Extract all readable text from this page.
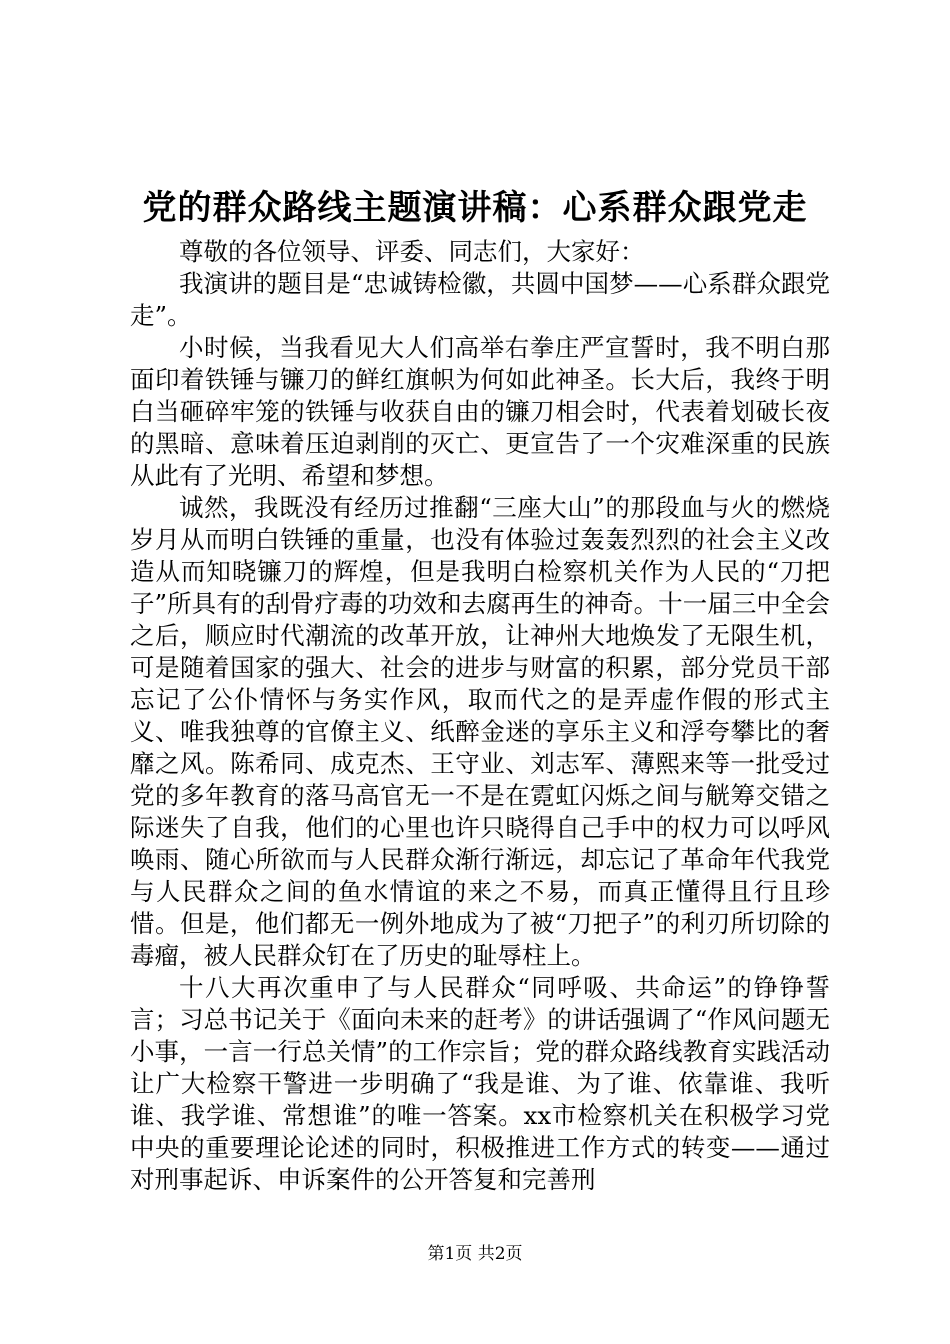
党的群众路线主题演讲稿：心系群众跟党走

尊敬的各位领导、评委、同志们，大家好：

我演讲的题目是“忠诚铸检徽，共圆中国梦——心系群众跟党走”。

小时候，当我看见大人们高举右拳庄严宣誓时，我不明白那面印着铁锤与镰刀的鲜红旗帜为何如此神圣。长大后，我终于明白当砸碎牢笼的铁锤与收获自由的镰刀相会时，代表着划破长夜的黑暗、意味着压迫剥削的灭亡、更宣告了一个灾难深重的民族从此有了光明、希望和梦想。

诚然，我既没有经历过推翻“三座大山”的那段血与火的燃烧岁月从而明白铁锤的重量，也没有体验过轰轰烈烈的社会主义改造从而知晓镰刀的辉煌，但是我明白检察机关作为人民的“刀把子”所具有的刮骨疗毒的功效和去腐再生的神奇。十一届三中全会之后，顺应时代潮流的改革开放，让神州大地焕发了无限生机，可是随着国家的强大、社会的进步与财富的积累，部分党员干部忘记了公仆情怀与务实作风，取而代之的是弄虚作假的形式主义、唯我独尊的官僚主义、纸醉金迷的享乐主义和浮夸攀比的奢靡之风。陈希同、成克杰、王守业、刘志军、薄熙来等一批受过党的多年教育的落马高官无一不是在霓虹闪烁之间与觥筹交错之际迷失了自我，他们的心里也许只晓得自己手中的权力可以呼风唤雨、随心所欲而与人民群众渐行渐远，却忘记了革命年代我党与人民群众之间的鱼水情谊的来之不易，而真正懂得且行且珍惜。但是，他们都无一例外地成为了被“刀把子”的利刃所切除的毒瘤，被人民群众钉在了历史的耻辱柱上。

十八大再次重申了与人民群众“同呼吸、共命运”的铮铮誓言；习总书记关于《面向未来的赶考》的讲话强调了“作风问题无小事，一言一行总关情”的工作宗旨；党的群众路线教育实践活动让广大检察干警进一步明确了“我是谁、为了谁、依靠谁、我听谁、我学谁、常想谁”的唯一答案。xx市检察机关在积极学习党中央的重要理论论述的同时，积极推进工作方式的转变——通过对刑事起诉、申诉案件的公开答复和完善刑

第1页 共2页
